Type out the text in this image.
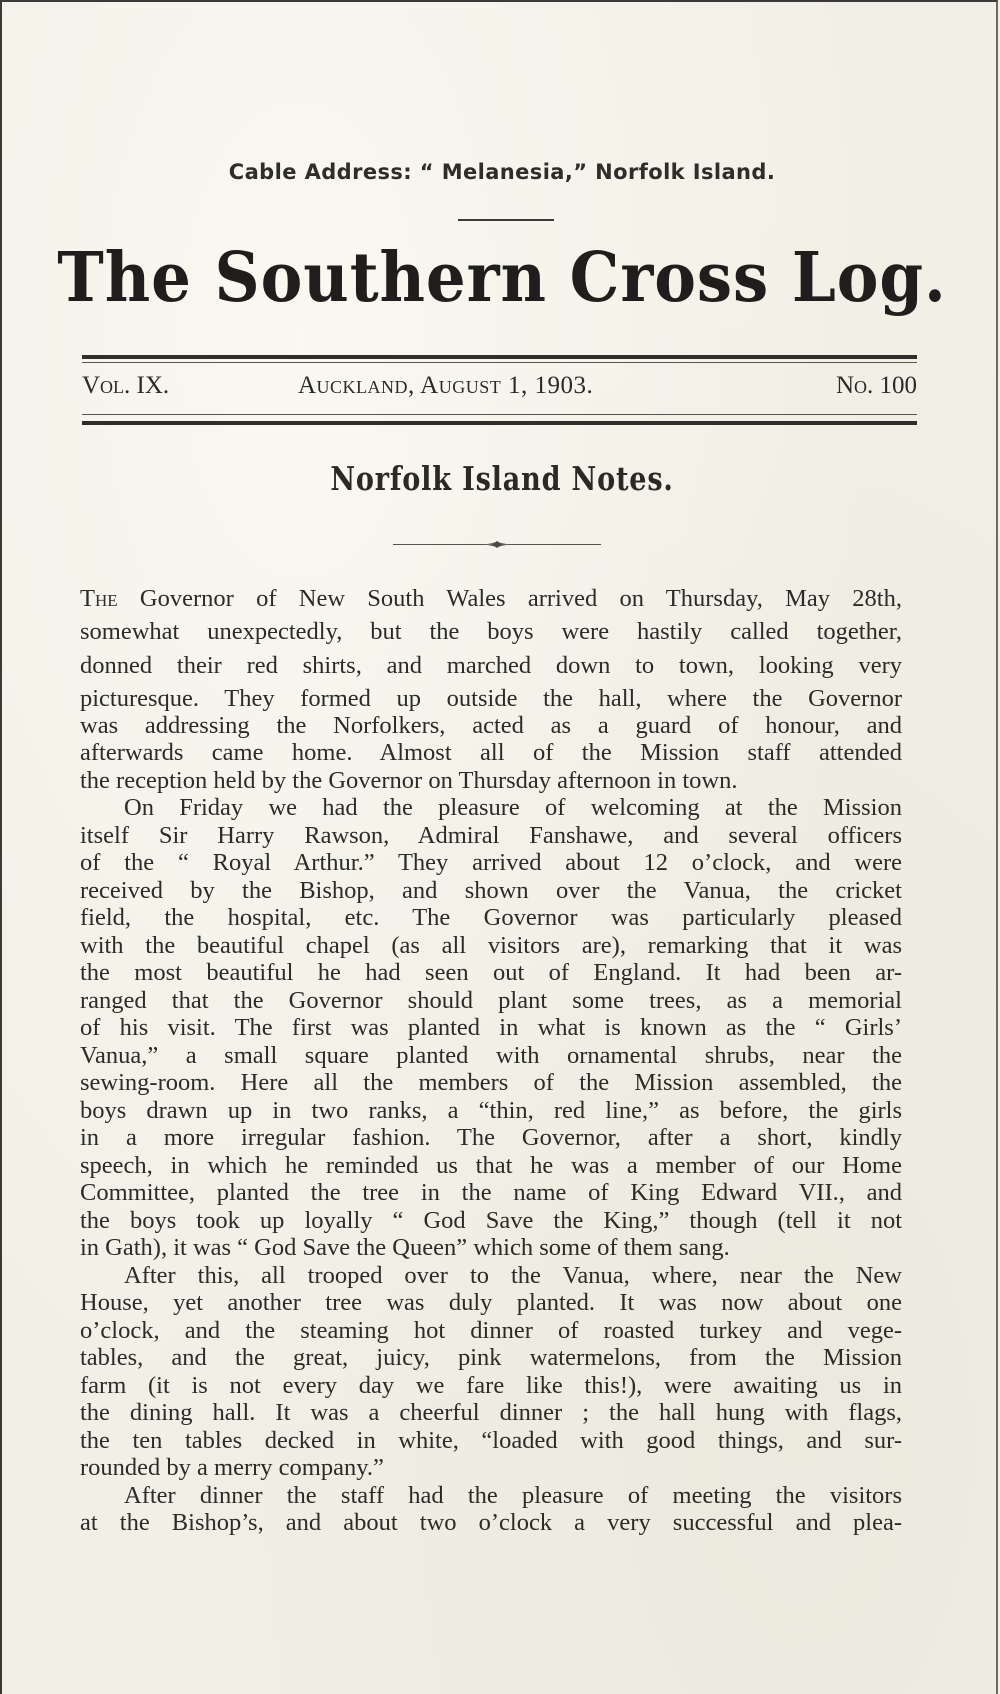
Cable Address: “ Melanesia,” Norfolk Island.
The Southern Cross Log.
Vol. IX.	Auckland, August 1, 1903.	No. 100
Norfolk Island Notes.
The Governor of New South Wales arrived on Thursday, May 28th,
somewhat unexpectedly, but the boys were hastily called together,
donned their red shirts, and marched down to town, looking very
picturesque. They formed up outside the hall, where the Governor
was addressing the Norfolkers, acted as a guard of honour, and
afterwards came home. Almost all of the Mission staff attended
the reception held by the Governor on Thursday afternoon in town.
On Friday we had the pleasure of welcoming at the Mission
itself Sir Harry Rawson, Admiral Fanshawe, and several officers
of the “ Royal Arthur.” They arrived about 12 o’clock, and were
received by the Bishop, and shown over the Vanua, the cricket
field, the hospital, etc. The Governor was particularly pleased
with the beautiful chapel (as all visitors are), remarking that it was
the most beautiful he had seen out of England. It had been ar-
ranged that the Governor should plant some trees, as a memorial
of his visit. The first was planted in what is known as the “ Girls’
Vanua,” a small square planted with ornamental shrubs, near the
sewing-room. Here all the members of the Mission assembled, the
boys drawn up in two ranks, a “thin, red line,” as before, the girls
in a more irregular fashion. The Governor, after a short, kindly
speech, in which he reminded us that he was a member of our Home
Committee, planted the tree in the name of King Edward VII., and
the boys took up loyally “ God Save the King,” though (tell it not
in Gath), it was “ God Save the Queen” which some of them sang.
After this, all trooped over to the Vanua, where, near the New
House, yet another tree was duly planted. It was now about one
o’clock, and the steaming hot dinner of roasted turkey and vege-
tables, and the great, juicy, pink watermelons, from the Mission
farm (it is not every day we fare like this!), were awaiting us in
the dining hall. It was a cheerful dinner ; the hall hung with flags,
the ten tables decked in white, “loaded with good things, and sur-
rounded by a merry company.”
After dinner the staff had the pleasure of meeting the visitors
at the Bishop’s, and about two o’clock a very successful and plea-
